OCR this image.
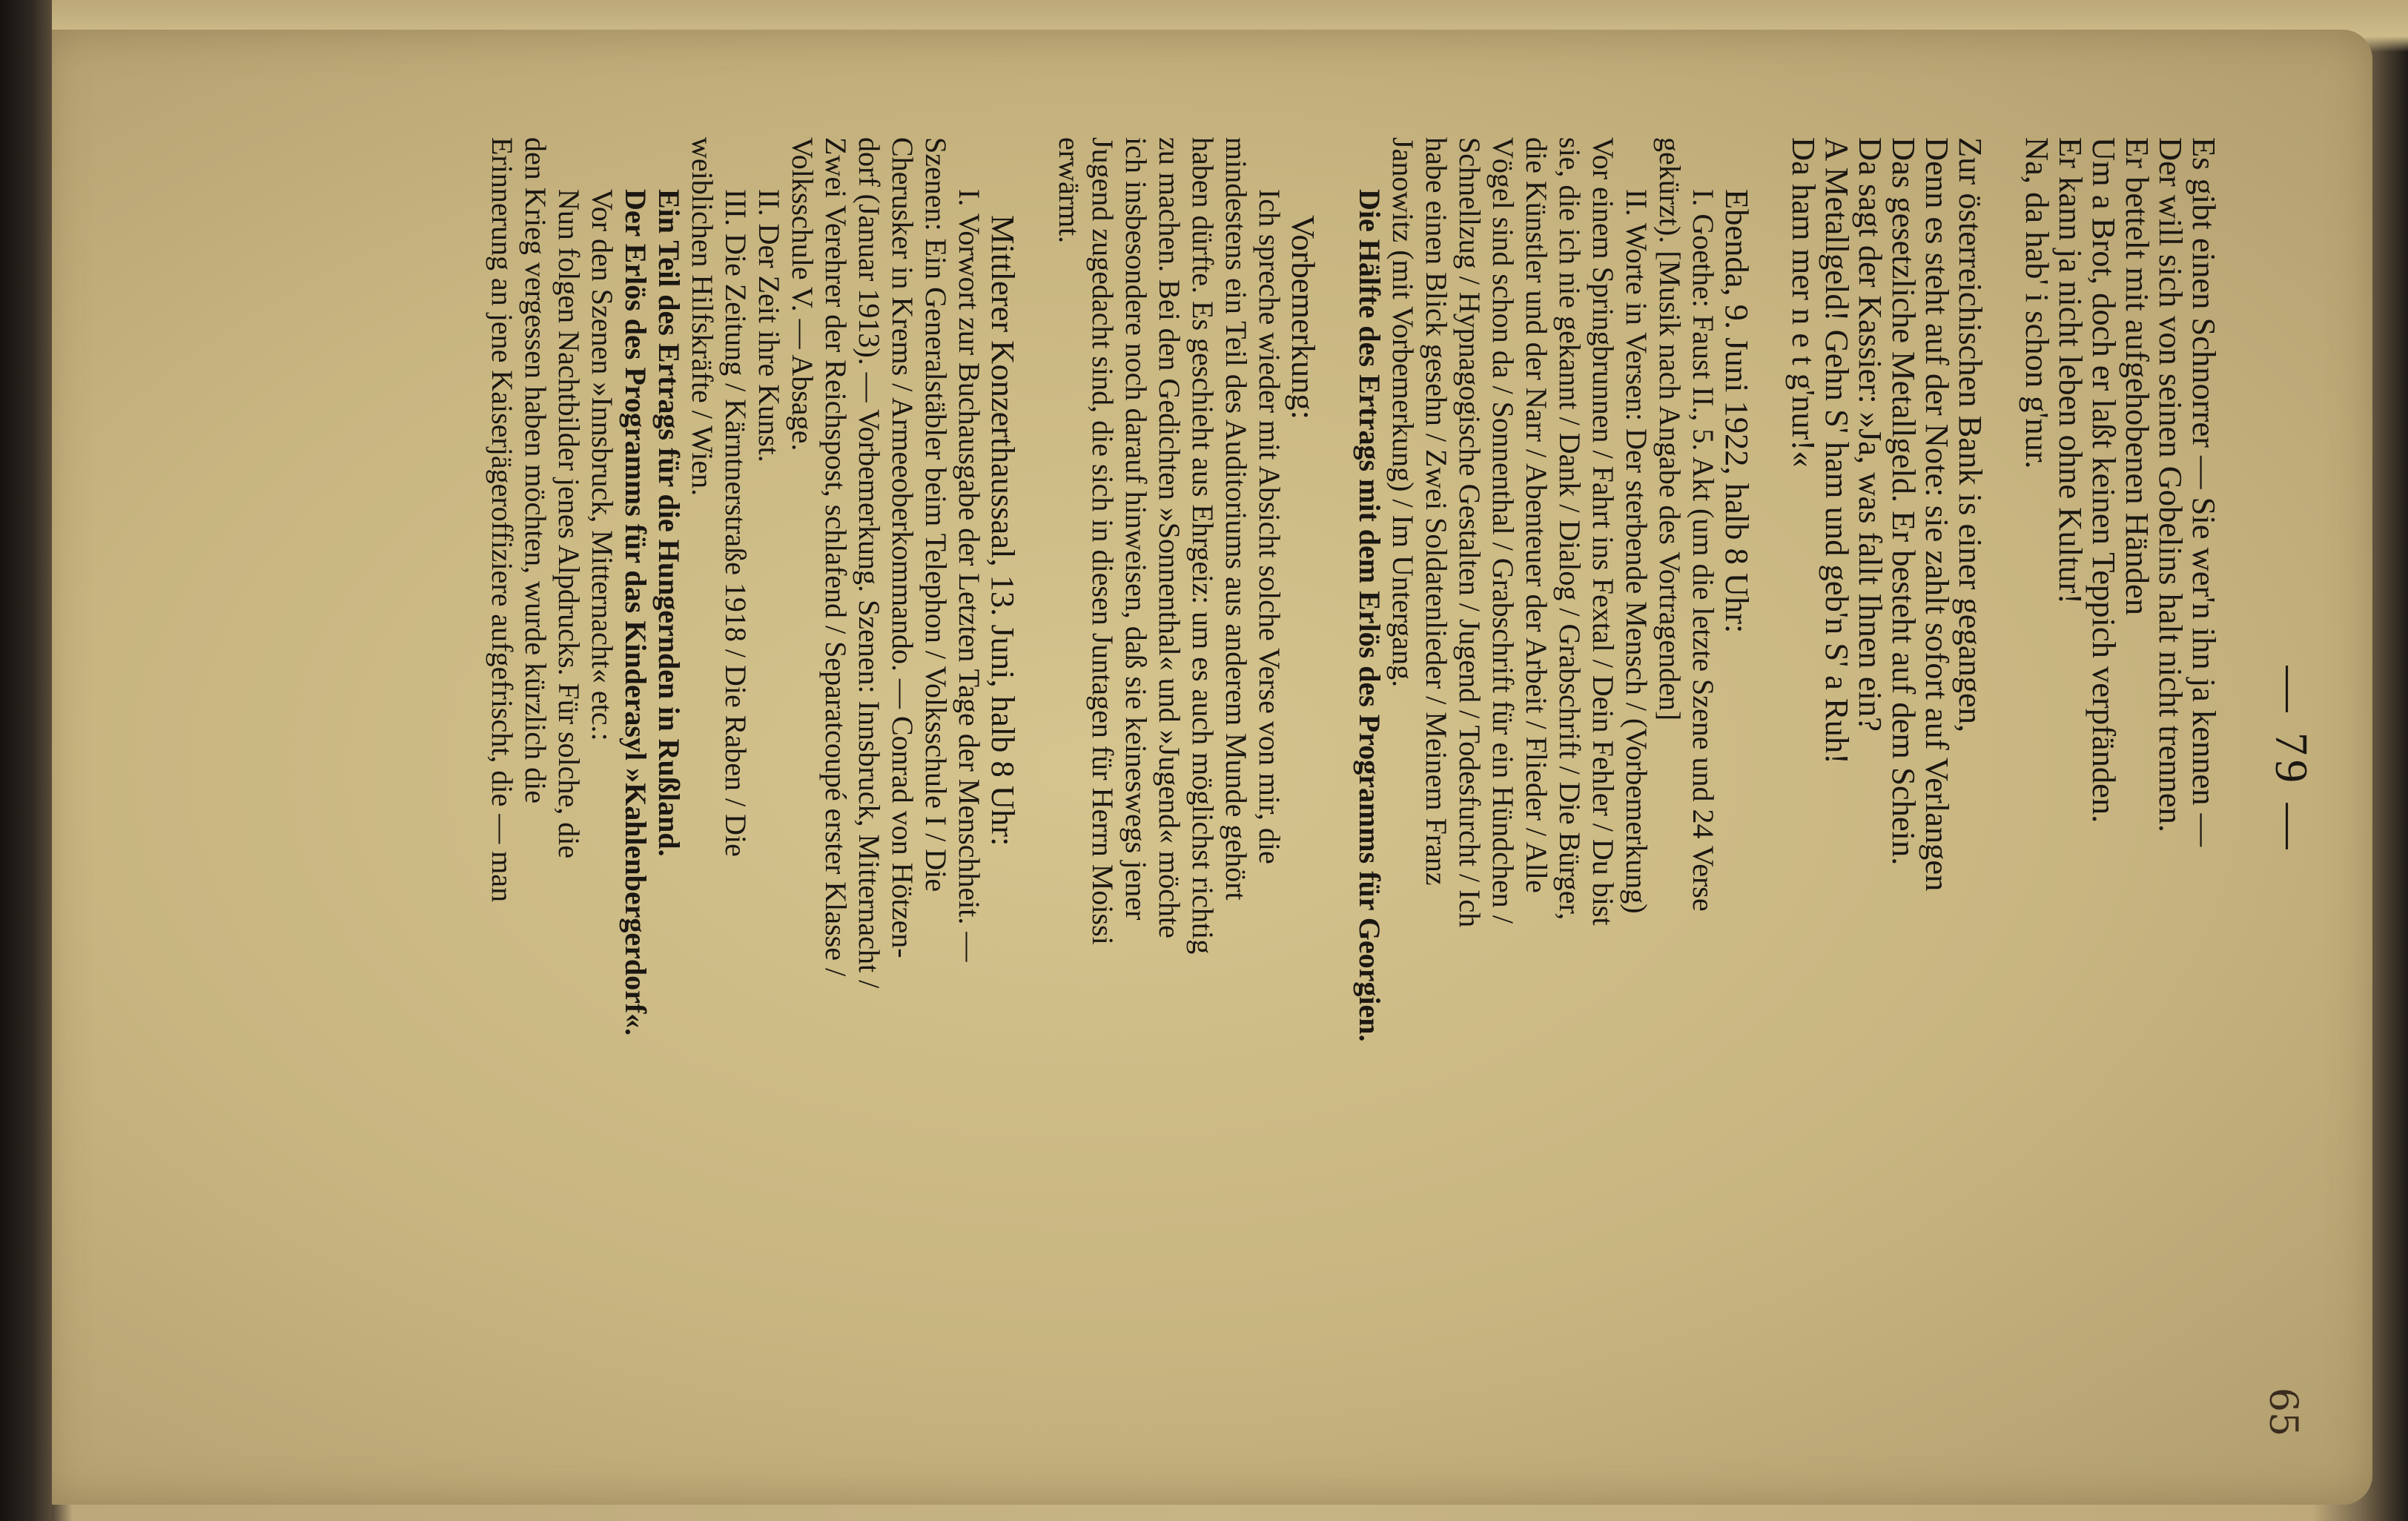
— 79 —
Es gibt einen Schnorrer — Sie wer'n ihn ja kennen —
Der will sich von seinen Gobelins halt nicht trennen.
Er bettelt mit aufgehobenen Händen
Um a Brot, doch er laßt keinen Teppich verpfänden.
Er kann ja nicht leben ohne Kultur!
Na, da hab' i schon g'nur.
Zur österreichischen Bank is einer gegangen,
Denn es steht auf der Note: sie zahlt sofort auf Verlangen
Das gesetzliche Metallgeld. Er besteht auf dem Schein.
Da sagt der Kassier: »Ja, was fallt Ihnen ein?
A Metallgeld! Gehn S' ham und geb'n S' a Ruh!
Da ham mer n e t g'nur!«
Ebenda, 9. Juni 1922, halb 8 Uhr:
I. Goethe: Faust II., 5. Akt (um die letzte Szene und 24 Verse
gekürzt). [Musik nach Angabe des Vortragenden]
II. Worte in Versen: Der sterbende Mensch / (Vorbemerkung)
Vor einem Springbrunnen / Fahrt ins Fextal / Dein Fehler / Du bist
sie, die ich nie gekannt / Dank / Dialog / Grabschrift / Die Bürger,
die Künstler und der Narr / Abenteuer der Arbeit / Flieder / Alle
Vögel sind schon da / Sonnenthal / Grabschrift für ein Hündchen /
Schnellzug / Hypnagogische Gestalten / Jugend / Todesfurcht / Ich
habe einen Blick gesehn / Zwei Soldatenlieder / Meinem Franz
Janowitz (mit Vorbemerkung) / Im Untergang.
Die Hälfte des Ertrags mit dem Erlös des Programms für Georgien.
Vorbemerkung:
Ich spreche wieder mit Absicht solche Verse von mir, die
mindestens ein Teil des Auditoriums aus anderem Munde gehört
haben dürfte. Es geschieht aus Ehrgeiz: um es auch möglichst richtig
zu machen. Bei den Gedichten »Sonnenthal« und »Jugend« möchte
ich insbesondere noch darauf hinweisen, daß sie keineswegs jener
Jugend zugedacht sind, die sich in diesen Juntagen für Herrn Moissi
erwärmt.
Mittlerer Konzerthaussaal, 13. Juni, halb 8 Uhr:
I. Vorwort zur Buchausgabe der Letzten Tage der Menschheit. —
Szenen: Ein Generalstäbler beim Telephon / Volksschule I / Die
Cherusker in Krems / Armeeoberkommando. — Conrad von Hötzen-
dorf (Januar 1913). — Vorbemerkung. Szenen: Innsbruck, Mitternacht /
Zwei Verehrer der Reichspost, schlafend / Separatcoupé erster Klasse /
Volksschule V. — Absage.
II. Der Zeit ihre Kunst.
III. Die Zeitung / Kärntnerstraße 1918 / Die Raben / Die
weiblichen Hilfskräfte / Wien.
Ein Teil des Ertrags für die Hungernden in Rußland.
Der Erlös des Programms für das Kinderasyl »Kahlenbergerdorf«.
Vor den Szenen »Innsbruck, Mitternacht« etc.:
Nun folgen Nachtbilder jenes Alpdrucks. Für solche, die
den Krieg vergessen haben möchten, wurde kürzlich die
Erinnerung an jene Kaiserjägeroffiziere aufgefrischt, die — man
65
